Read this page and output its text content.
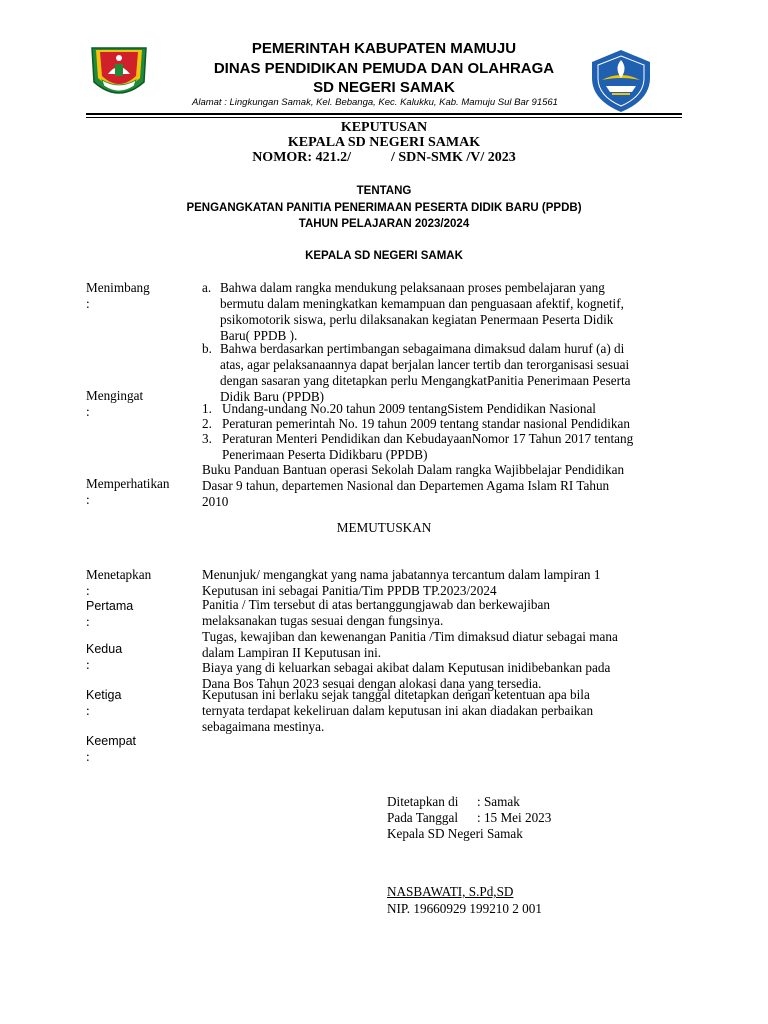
PEMERINTAH KABUPATEN MAMUJU
DINAS PENDIDIKAN PEMUDA DAN OLAHRAGA
SD NEGERI SAMAK
Alamat : Lingkungan Samak, Kel. Bebanga, Kec. Kalukku, Kab. Mamuju Sul Bar 91561
KEPUTUSAN
KEPALA SD NEGERI SAMAK
NOMOR: 421.2/	/ SDN-SMK /V/ 2023
TENTANG
PENGANGKATAN PANITIA PENERIMAAN PESERTA DIDIK BARU (PPDB)
TAHUN PELAJARAN 2023/2024
KEPALA SD NEGERI SAMAK
Menimbang
:
a. Bahwa dalam rangka mendukung pelaksanaan proses pembelajaran yang
bermutu dalam meningkatkan kemampuan dan penguasaan afektif, kognetif,
psikomotorik siswa, perlu dilaksanakan kegiatan Penermaan Peserta Didik
Baru( PPDB ).
b. Bahwa berdasarkan pertimbangan sebagaimana dimaksud dalam huruf (a) di
atas, agar pelaksanaannya dapat berjalan lancer tertib dan terorganisasi sesuai
dengan sasaran yang ditetapkan perlu MengangkatPanitia Penerimaan Peserta
Didik Baru (PPDB)
Mengingat
:	1. Undang-undang No.20 tahun 2009 tentangSistem Pendidikan Nasional
2. Peraturan pemerintah No. 19 tahun 2009 tentang standar nasional Pendidikan
3. Peraturan Menteri Pendidikan dan KebudayaanNomor 17 Tahun 2017 tentang
Penerimaan Peserta Didikbaru (PPDB)
Memperhatikan
:
Buku Panduan Bantuan operasi Sekolah Dalam rangka Wajibbelajar Pendidikan
Dasar 9 tahun, departemen Nasional dan Departemen Agama Islam RI Tahun
2010
MEMUTUSKAN
Menetapkan
:
Pertama
:
Kedua
:
Ketiga
:
Keempat
:
Menunjuk/ mengangkat yang nama jabatannya tercantum dalam lampiran 1
Keputusan ini sebagai Panitia/Tim PPDB TP.2023/2024
Panitia / Tim tersebut di atas bertanggungjawab dan berkewajiban
melaksanakan tugas sesuai dengan fungsinya.
Tugas, kewajiban dan kewenangan Panitia /Tim dimaksud diatur sebagai mana
dalam Lampiran II Keputusan ini.
Biaya yang di keluarkan sebagai akibat dalam Keputusan inidibebankan pada
Dana Bos Tahun 2023 sesuai dengan alokasi dana yang tersedia.
Keputusan ini berlaku sejak tanggal ditetapkan dengan ketentuan apa bila
ternyata terdapat kekeliruan dalam keputusan ini akan diadakan perbaikan
sebagaimana mestinya.
Ditetapkan di : Samak
Pada Tanggal : 15 Mei 2023
Kepala SD Negeri Samak
NASBAWATI, S.Pd,SD
NIP. 19660929 199210 2 001
